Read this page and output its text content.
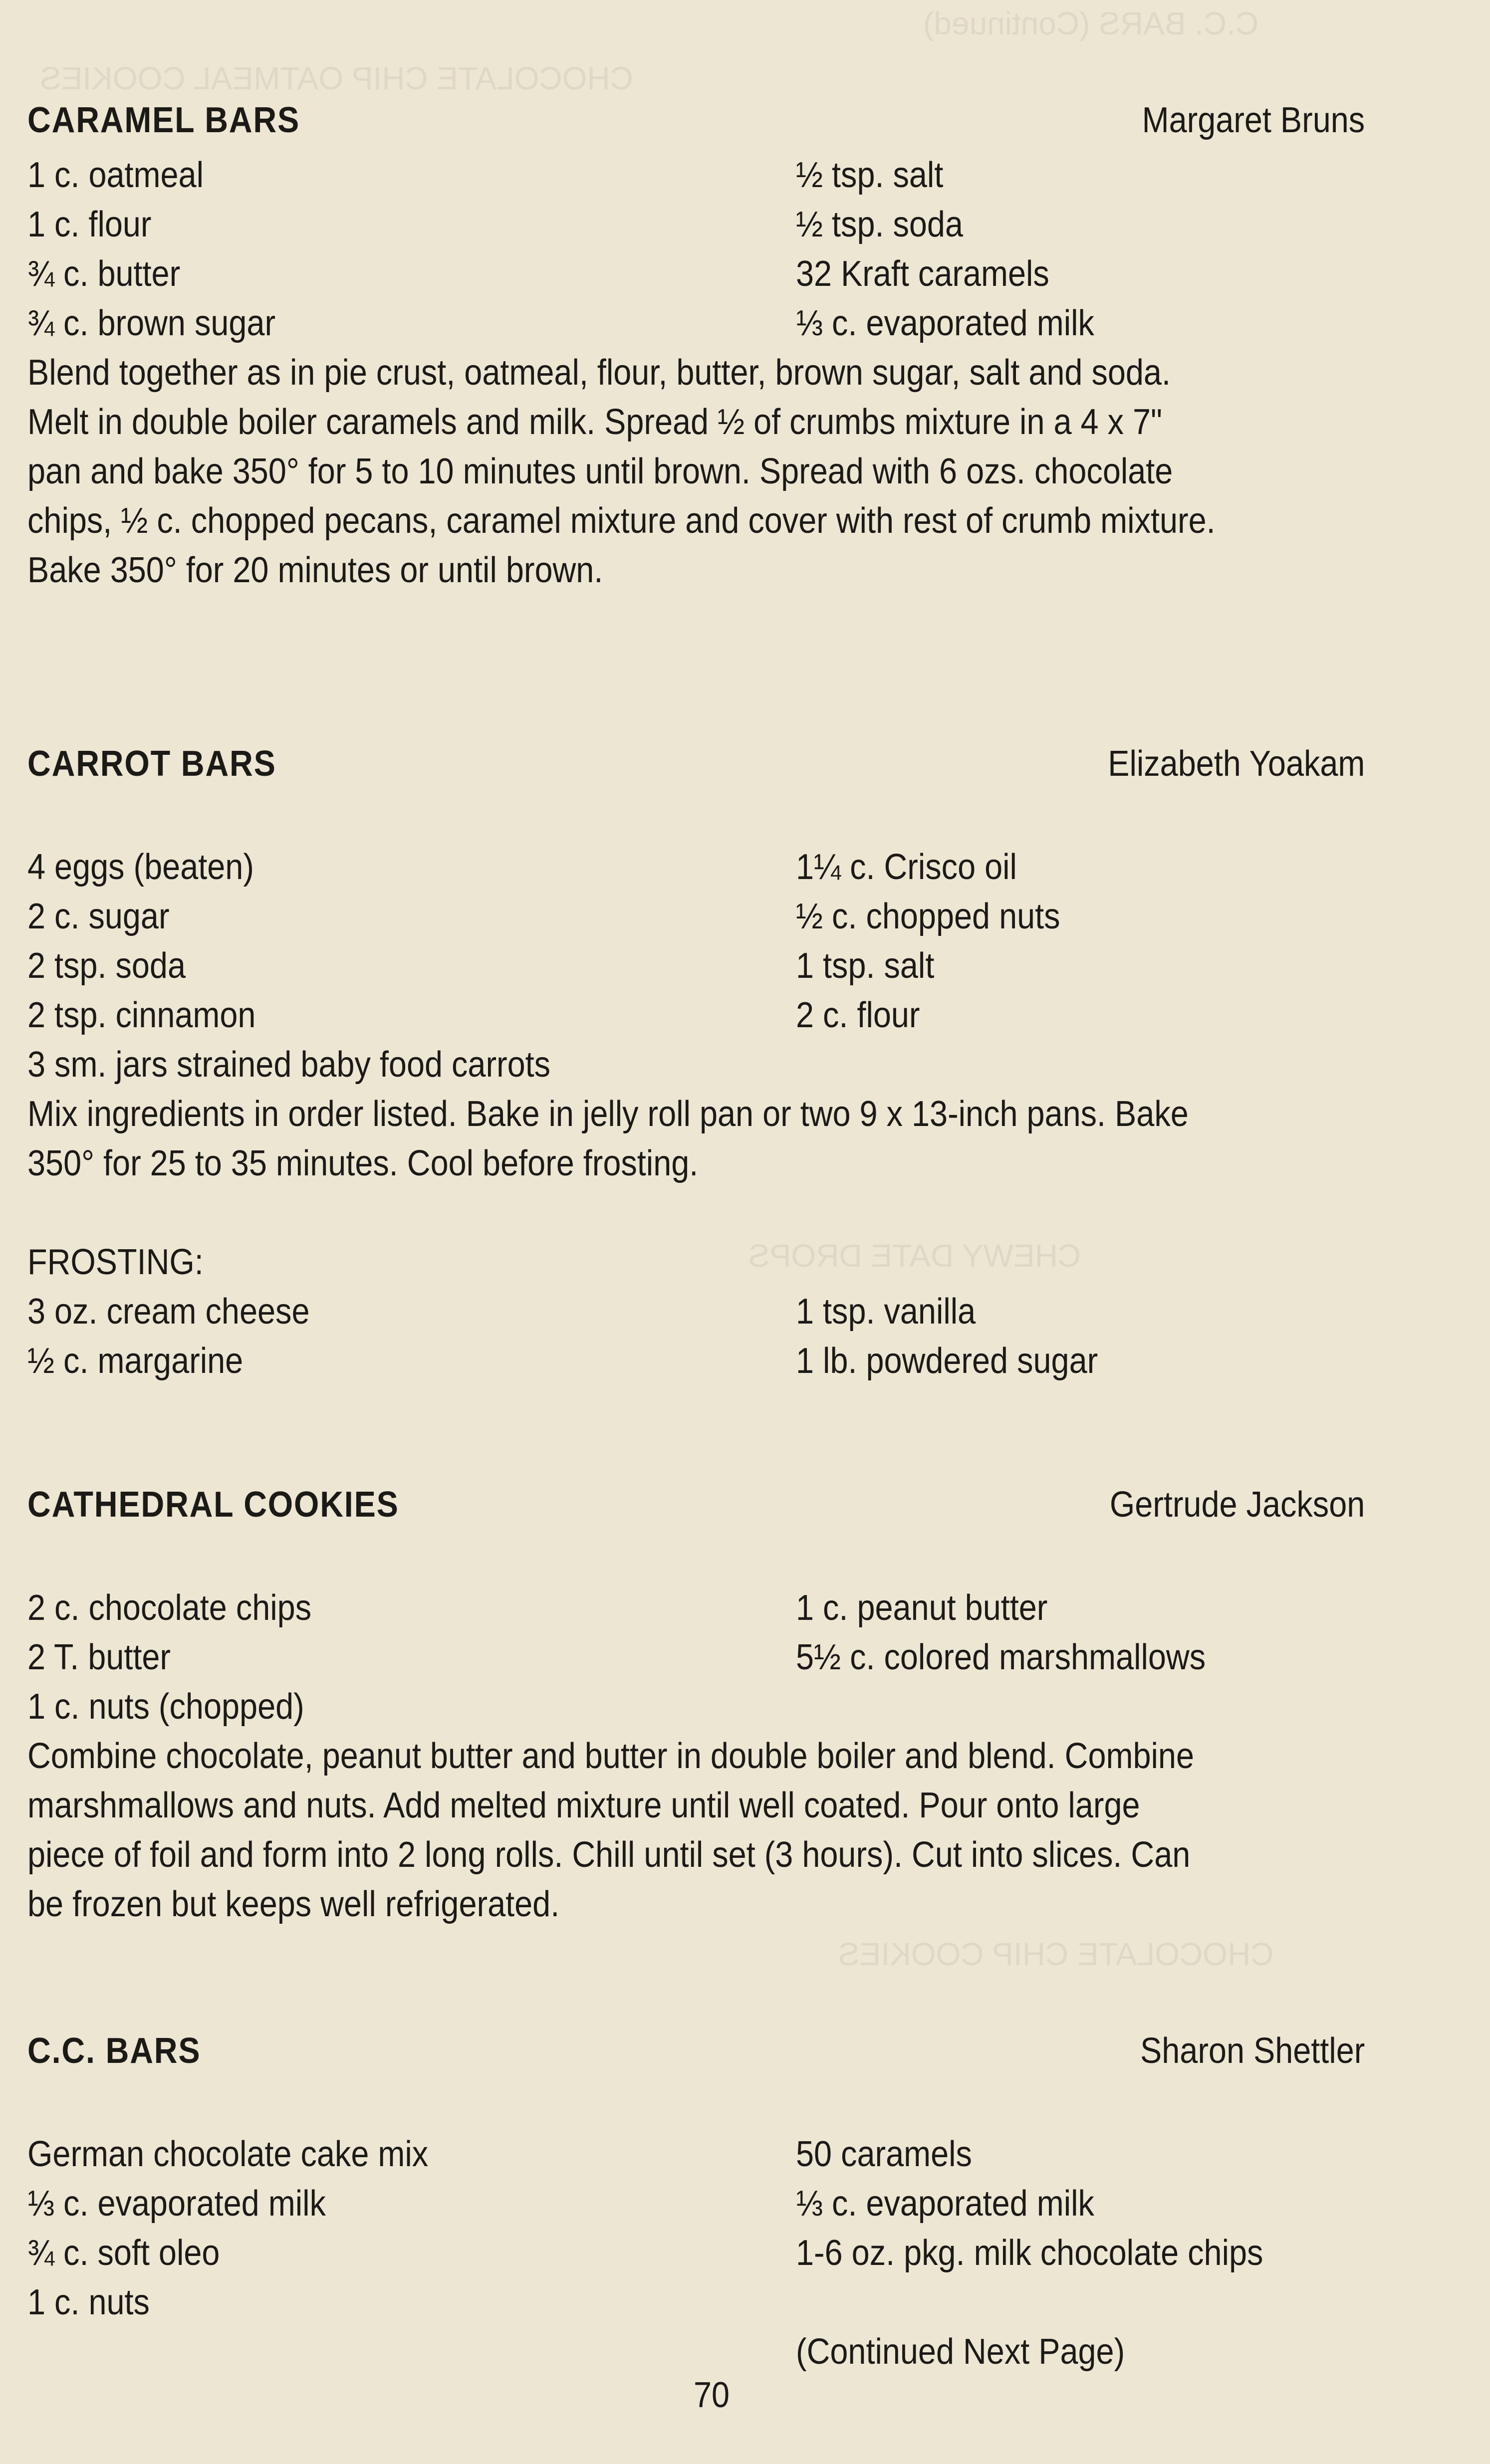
C.C. BARS (Continued)
CHOCOLATE CHIP OATMEAL COOKIES
CHEWY DATE DROPS
CHOCOLATE CHIP COOKIES
CARAMEL BARS	Margaret Bruns
1 c. oatmeal	½ tsp. salt
1 c. flour	½ tsp. soda
¾ c. butter	32 Kraft caramels
¾ c. brown sugar	⅓ c. evaporated milk
Blend together as in pie crust, oatmeal, flour, butter, brown sugar, salt and soda.
Melt in double boiler caramels and milk. Spread ½ of crumbs mixture in a 4 x 7"
pan and bake 350° for 5 to 10 minutes until brown. Spread with 6 ozs. chocolate
chips, ½ c. chopped pecans, caramel mixture and cover with rest of crumb mixture.
Bake 350° for 20 minutes or until brown.
CARROT BARS	Elizabeth Yoakam
4 eggs (beaten)	1¼ c. Crisco oil
2 c. sugar	½ c. chopped nuts
2 tsp. soda	1 tsp. salt
2 tsp. cinnamon	2 c. flour
3 sm. jars strained baby food carrots
Mix ingredients in order listed. Bake in jelly roll pan or two 9 x 13-inch pans. Bake
350° for 25 to 35 minutes. Cool before frosting.
FROSTING:
3 oz. cream cheese	1 tsp. vanilla
½ c. margarine	1 lb. powdered sugar
CATHEDRAL COOKIES	Gertrude Jackson
2 c. chocolate chips	1 c. peanut butter
2 T. butter	5½ c. colored marshmallows
1 c. nuts (chopped)
Combine chocolate, peanut butter and butter in double boiler and blend. Combine
marshmallows and nuts. Add melted mixture until well coated. Pour onto large
piece of foil and form into 2 long rolls. Chill until set (3 hours). Cut into slices. Can
be frozen but keeps well refrigerated.
C.C. BARS	Sharon Shettler
German chocolate cake mix	50 caramels
⅓ c. evaporated milk	⅓ c. evaporated milk
¾ c. soft oleo	1-6 oz. pkg. milk chocolate chips
1 c. nuts
(Continued Next Page)
70
